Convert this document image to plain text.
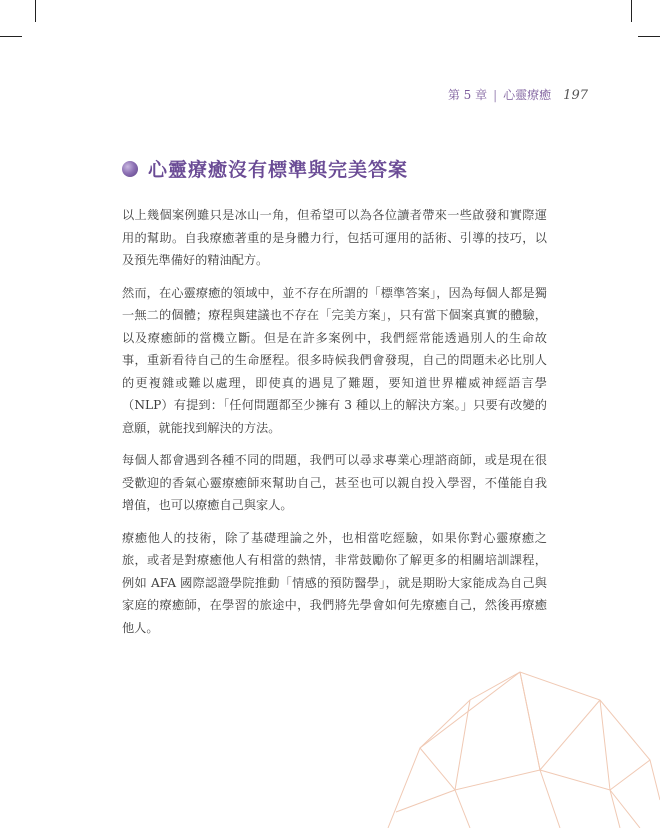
第 5 章 | 心靈療癒 197
心靈療癒沒有標準與完美答案

以上幾個案例雖只是冰山一角，但希望可以為各位讀者帶來一些啟發和實際運用的幫助。自我療癒著重的是身體力行，包括可運用的話術、引導的技巧，以及預先準備好的精油配方。

然而，在心靈療癒的領域中，並不存在所謂的「標準答案」，因為每個人都是獨一無二的個體；療程與建議也不存在「完美方案」，只有當下個案真實的體驗，以及療癒師的當機立斷。但是在許多案例中，我們經常能透過別人的生命故事，重新看待自己的生命歷程。很多時候我們會發現，自己的問題未必比別人的更複雜或難以處理，即使真的遇見了難題，要知道世界權威神經語言學（NLP）有提到：「任何問題都至少擁有 3 種以上的解決方案。」只要有改變的意願，就能找到解決的方法。

每個人都會遇到各種不同的問題，我們可以尋求專業心理諮商師，或是現在很受歡迎的香氣心靈療癒師來幫助自己，甚至也可以親自投入學習，不僅能自我增值，也可以療癒自己與家人。

療癒他人的技術，除了基礎理論之外，也相當吃經驗，如果你對心靈療癒之旅，或者是對療癒他人有相當的熱情，非常鼓勵你了解更多的相關培訓課程，例如 AFA 國際認證學院推動「情感的預防醫學」，就是期盼大家能成為自己與家庭的療癒師，在學習的旅途中，我們將先學會如何先療癒自己，然後再療癒他人。
